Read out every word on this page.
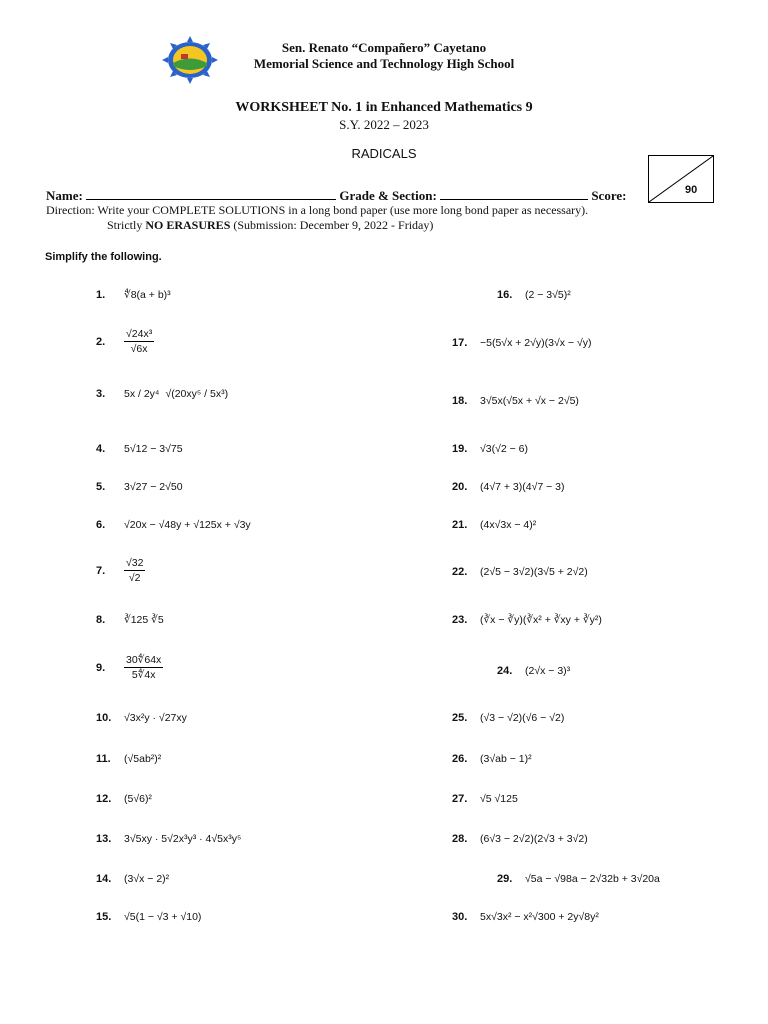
Sen. Renato “Compañero” Cayetano
Memorial Science and Technology High School
WORKSHEET No. 1 in Enhanced Mathematics 9
S.Y. 2022 – 2023
RADICALS
90
Name:	Grade & Section:	Score:
Direction: Write your COMPLETE SOLUTIONS in a long bond paper (use more long bond paper as necessary).
Strictly NO ERASURES (Submission: December 9, 2022 - Friday)
Simplify the following.
1.	∜8(a + b)³
2.	$\frac{\text{√24x³}}{√6x}$
3.	5x / 2y⁴ √(20xy⁵ / 5x³)
4.	5√12 − 3√75
5.	3√27 − 2√50
6.	√20x − √48y + √125x + √3y
7.	$\frac{√32}{√2}$
8.	∛125 ∛5
9.	$\frac{30∜64x}{5∜4x}$
10.	√3x²y · √27xy
11.	(√5ab²)²
12.	(5√6)²
13.	3√5xy · 5√2x³y³ · 4√5x³y⁵
14.	(3√x − 2)²
15.	√5(1 − √3 + √10)
16.	(2 − 3√5)²
17.	−5(5√x + 2√y)(3√x − √y)
18.	3√5x(√5x + √x − 2√5)
19.	√3(√2 − 6)
20.	(4√7 + 3)(4√7 − 3)
21.	(4x√3x − 4)²
22.	(2√5 − 3√2)(3√5 + 2√2)
23.	(∛x − ∛y)(∛x² + ∛xy + ∛y²)
24.	(2√x − 3)³
25.	(√3 − √2)(√6 − √2)
26.	(3√ab − 1)²
27.	√5 √125
28.	(6√3 − 2√2)(2√3 + 3√2)
29.	√5a − √98a − 2√32b + 3√20a
30.	5x√3x² − x²√300 + 2y√8y²
